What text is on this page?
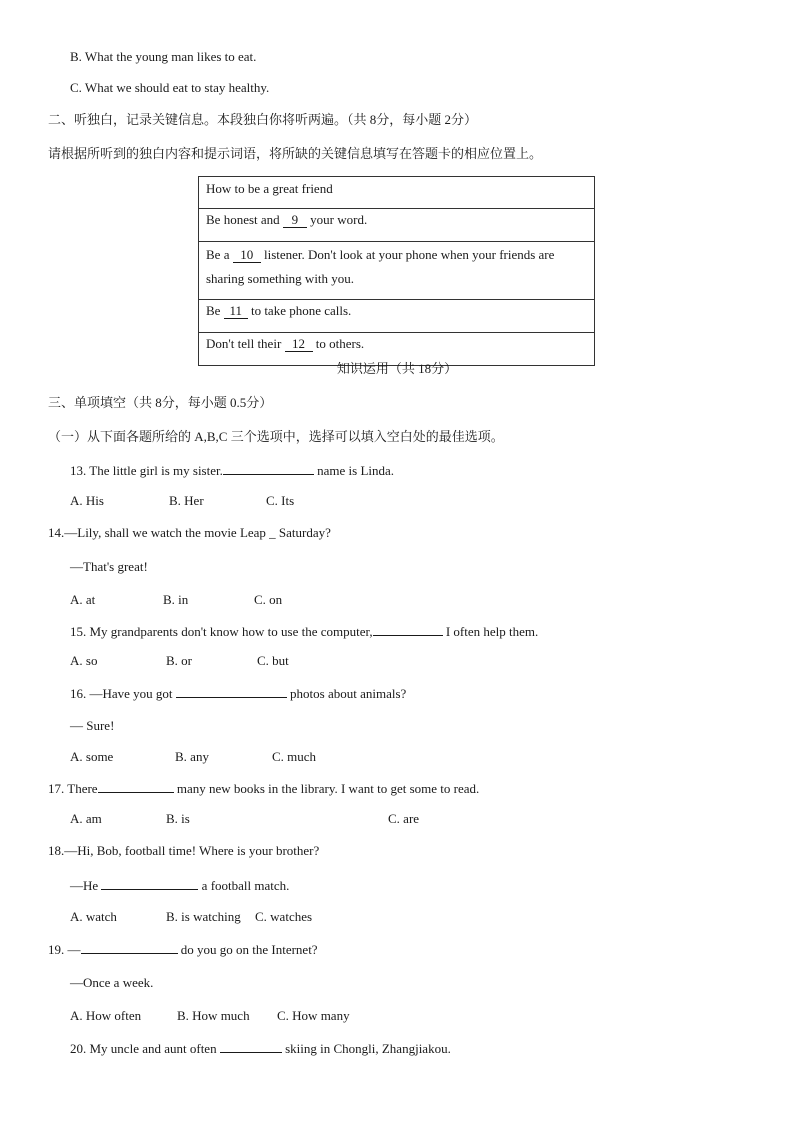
B. What the young man likes to eat.
C. What we should eat to stay healthy.
二、听独白，记录关键信息。本段独白你将听两遍。（共 8分，每小题 2分）
请根据所听到的独白内容和提示词语，将所缺的关键信息填写在答题卡的相应位置上。
How to be a great friend
Be honest and 9 your word.
Be a 10 listener. Don't look at your phone when your friends are
sharing something with you.
Be 11 to take phone calls.
Don't tell their 12 to others.
知识运用（共 18分）
三、单项填空（共 8分，每小题 0.5分）
（一）从下面各题所给的 A,B,C 三个选项中，选择可以填入空白处的最佳选项。
13. The little girl is my sister.	name is Linda.
A. His	B. Her	C. Its
14.—Lily, shall we watch the movie Leap _ Saturday?
—That's great!
A. at	B. in	C. on
15. My grandparents don't know how to use the computer,	I often help them.
A. so	B. or	C. but
16. —Have you got	photos about animals?
— Sure!
A. some	B. any	C. much
17. There	many new books in the library. I want to get some to read.
A. am	B. is	C. are
18.—Hi, Bob, football time! Where is your brother?
—He	a football match.
A. watch	B. is watching C. watches
19. —	do you go on the Internet?
—Once a week.
A. How often	B. How much C. How many
20. My uncle and aunt often	skiing in Chongli, Zhangjiakou.
